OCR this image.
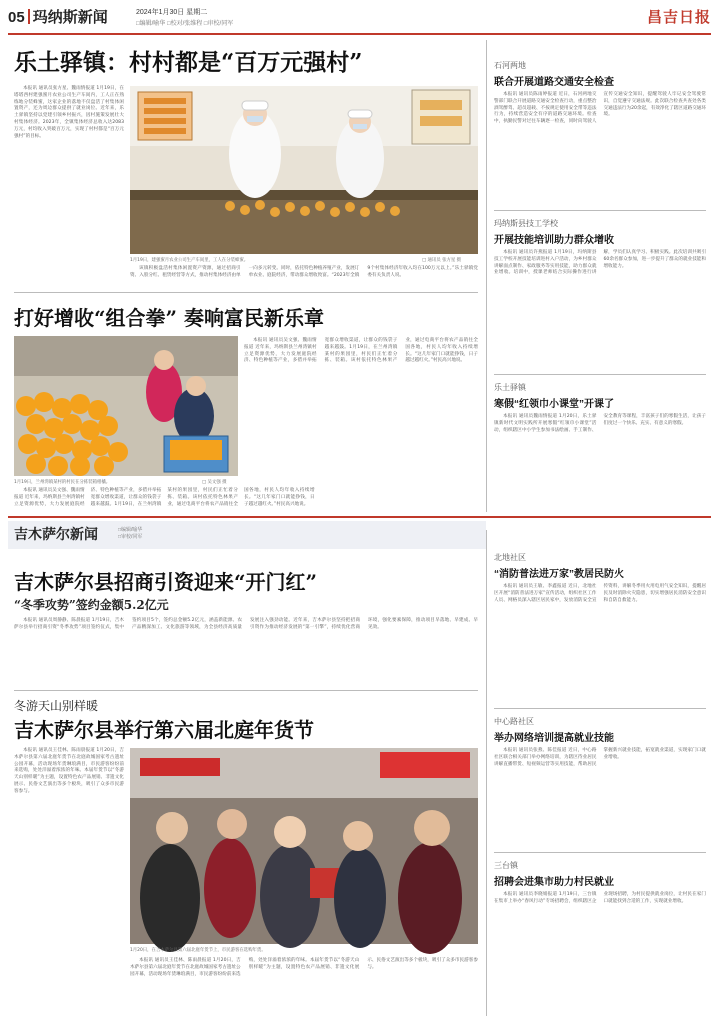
05 玛纳斯新闻	2024年1月30日 星期二
□编辑/喻华 □校对/张维程 □审校/同军	昌吉日报
乐土驿镇：村村都是“百万元强村”

本报讯 通讯员张方星、魏雨情报道 1月19日，在塔塔西村建强蜜月农业公司生产车间内，工人正在熟练地分装蜂蜜，这家企业的落地不仅盘活了村集体闲置资产，还为周边群众提供了就业岗位。近年来，乐土驿镇坚持以党建引领乡村振兴，因村施策发展壮大村集体经济。2023年，全镇集体经济总收入达2083万元，村均收入突破百万元，实现了村村都是“百万元强村”的目标。

1月19日，建强蜜月农业公司生产车间里，工人在分装蜂蜜。	□ 通讯员 张方星 摄

该镇积极盘活村集体闲置资产资源，通过招商引资、入股分红、租赁经营等方式，推动村集体经济由单一向多元转变。同时，依托特色种植养殖产业，发展订单农业、庭院经济，带动群众增收致富。“2023年全镇9个村集体经济年收入均在100万元以上。”乐土驿镇党委有关负责人说。

打好增收“组合拳” 奏响富民新乐章
1月19日，兰州湾镇某村的村民在分拣装箱柑橘。	□ 吴文强 摄

本报讯 通讯员吴文强、魏雨情报道 近年来，玛纳斯县兰州湾镇村立足资源优势，大力发展庭院经济、特色种植等产业，多措并举拓宽群众增收渠道，让群众的钱袋子越来越鼓。1月19日，在兰州湾镇某村的果园里，村民们正忙着分拣、装箱。该村依托特色林果产业，通过电商平台将农产品销往全国各地，村民人均年收入持续增长。“这几年家门口就能挣钱，日子越过越红火。”村民高兴地说。

本报讯 通讯员吴文强、魏雨情报道 近年来，玛纳斯县兰州湾镇村立足资源优势，大力发展庭院经济、特色种植等产业，多措并举拓宽群众增收渠道，让群众的钱袋子越来越鼓。1月19日，在兰州湾镇某村的果园里，村民们正忙着分拣、装箱。该村依托特色林果产业，通过电商平台将农产品销往全国各地，村民人均年收入持续增长。“这几年家门口就能挣钱，日子越过越红火。”村民高兴地说。

石河两地
联合开展道路交通安全检查

本报讯 通讯员陈雨婷报道 近日，石河两地交警部门联合开展道路交通安全检查行动，重点整治酒驾醉驾、超员超载、不按规定使用安全带等违法行为，持续营造安全有序的道路交通环境。检查中，执勤民警对过往车辆逐一检查，同时向驾驶人宣传交通安全知识，提醒驾驶人牢记安全驾驶常识，自觉遵守交通法规。此次联合检查共查处各类交通违法行为20余起，有效净化了辖区道路交通环境。

玛纳斯县技工学校
开展技能培训助力群众增收

本报讯 通讯员许燕报道 1月19日，玛纳斯县技工学校开展技能培训进村入户活动，为乡村群众讲解面点制作、家政服务等实用技能，助力群众就业增收。培训中，授课老师结合实际操作进行讲解，学员们认真学习、积极实践。此次培训共吸引60余名群众参加，进一步提升了群众的就业技能和增收能力。

乐土驿镇
寒假“红领巾小课堂”开课了

本报讯 通讯员魏雨情报道 1月20日，乐土驿镇新时代文明实践所开展寒假“红领巾小课堂”活动，组织辖区中小学生参加书法绘画、手工制作、安全教育等课程，丰富孩子们的寒假生活，让孩子们度过一个快乐、充实、有意义的寒假。

吉木萨尔新闻	□编辑/喻华
□审校/同军
吉木萨尔县招商引资迎来“开门红”
“冬季攻势”签约金额5.2亿元

本报讯 通讯员周静静、陈晨报道 1月19日，吉木萨尔县举行招商引资“冬季攻势”项目签约仪式，集中签约项目5个，签约总金额5.2亿元，涵盖新能源、农产品精深加工、文化旅游等领域，为全县经济高质量发展注入强劲动能。近年来，吉木萨尔县坚持把招商引资作为推动经济发展的“第一引擎”，持续优化营商环境，强化要素保障，推动项目早落地、早建成、早见效。

冬游天山别样暖
吉木萨尔县举行第六届北庭年货节

本报讯 通讯员王佳林、陈雨晨报道 1月20日，吉木萨尔县第六届北庭年货节在北庭故城国家考古遗址公园开幕，活动现场年货琳琅满目，市民游客纷纷前来选购，处处洋溢着浓浓的年味。本届年货节以“冬游天山别样暖”为主题，设置特色农产品展销、非遗文化展示、民俗文艺演出等多个板块，吸引了众多市民游客参与。

1月20日，在吉木萨尔县第六届北庭年货节上，市民游客在选购年货。

本报讯 通讯员王佳林、陈雨晨报道 1月20日，吉木萨尔县第六届北庭年货节在北庭故城国家考古遗址公园开幕，活动现场年货琳琅满目，市民游客纷纷前来选购，处处洋溢着浓浓的年味。本届年货节以“冬游天山别样暖”为主题，设置特色农产品展销、非遗文化展示、民俗文艺演出等多个板块，吸引了众多市民游客参与。

北地社区
“消防普法进万家”教居民防火

本报讯 通讯员王敏、李鑫报道 近日，北地社区开展“消防普法进万家”宣传活动，组织社区工作人员、网格员深入辖区居民家中，发放消防安全宣传资料，讲解冬季用火用电用气安全知识，提醒居民及时消除火灾隐患，切实增强居民消防安全意识和自防自救能力。

中心路社区
举办网络培训提高就业技能

本报讯 通讯员张燕、陈佳报道 近日，中心路社区联合相关部门举办网络培训，为辖区待业居民讲解直播带货、短视频运营等实用技能，帮助居民掌握新兴就业技能，拓宽就业渠道，实现家门口就业增收。

三台镇
招聘会进集市助力村民就业

本报讯 通讯员李晓娟报道 1月19日，三台镇在集市上举办“春风行动”专场招聘会，组织辖区企业现场招聘，为村民提供就业岗位，让村民在家门口就能找到合适的工作，实现就业增收。
